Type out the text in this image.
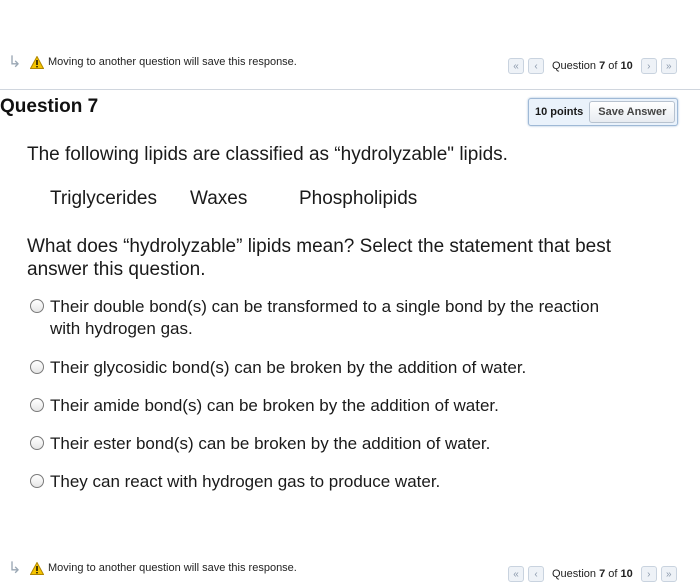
↳	Moving to another question will save this response.	«	‹	Question 7 of 10	›	»
Question 7	10 points	Save Answer
The following lipids are classified as “hydrolyzable" lipids.
Triglycerides	Waxes	Phospholipids
What does “hydrolyzable” lipids mean? Select the statement that best answer this question.
Their double bond(s) can be transformed to a single bond by the reaction with hydrogen gas.
Their glycosidic bond(s) can be broken by the addition of water.
Their amide bond(s) can be broken by the addition of water.
Their ester bond(s) can be broken by the addition of water.
They can react with hydrogen gas to produce water.
↳	Moving to another question will save this response.	«	‹	Question 7 of 10	›	»
